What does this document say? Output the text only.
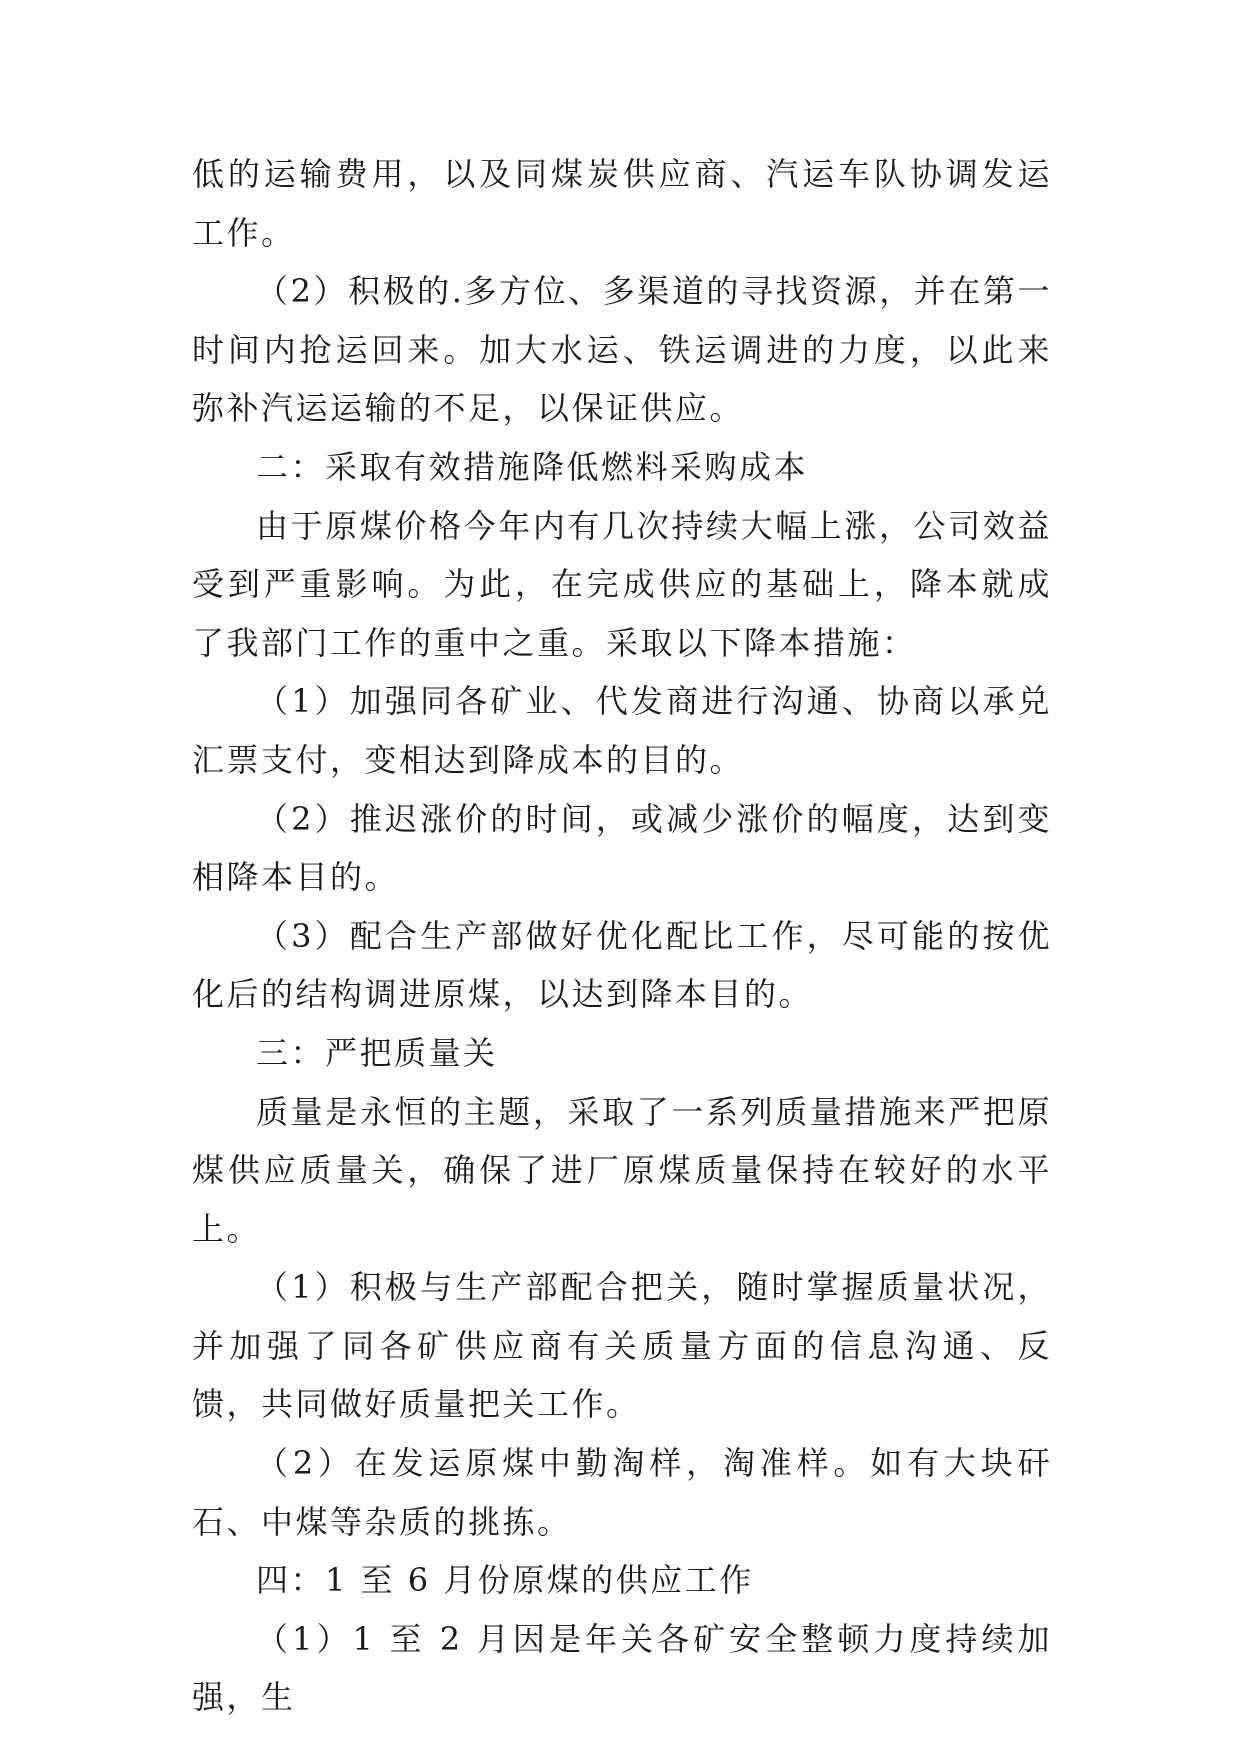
低的运输费用，以及同煤炭供应商、汽运车队协调发运工作。

（2）积极的.多方位、多渠道的寻找资源，并在第一时间内抢运回来。加大水运、铁运调进的力度，以此来弥补汽运运输的不足，以保证供应。

二：采取有效措施降低燃料采购成本

由于原煤价格今年内有几次持续大幅上涨，公司效益受到严重影响。为此，在完成供应的基础上，降本就成了我部门工作的重中之重。采取以下降本措施：

（1）加强同各矿业、代发商进行沟通、协商以承兑汇票支付，变相达到降成本的目的。

（2）推迟涨价的时间，或减少涨价的幅度，达到变相降本目的。

（3）配合生产部做好优化配比工作，尽可能的按优化后的结构调进原煤，以达到降本目的。

三：严把质量关

质量是永恒的主题，采取了一系列质量措施来严把原煤供应质量关，确保了进厂原煤质量保持在较好的水平上。

（1）积极与生产部配合把关，随时掌握质量状况，并加强了同各矿供应商有关质量方面的信息沟通、反馈，共同做好质量把关工作。

（2）在发运原煤中勤淘样，淘准样。如有大块矸石、中煤等杂质的挑拣。

四：1 至 6 月份原煤的供应工作

（1）1 至 2 月因是年关各矿安全整顿力度持续加强，生
